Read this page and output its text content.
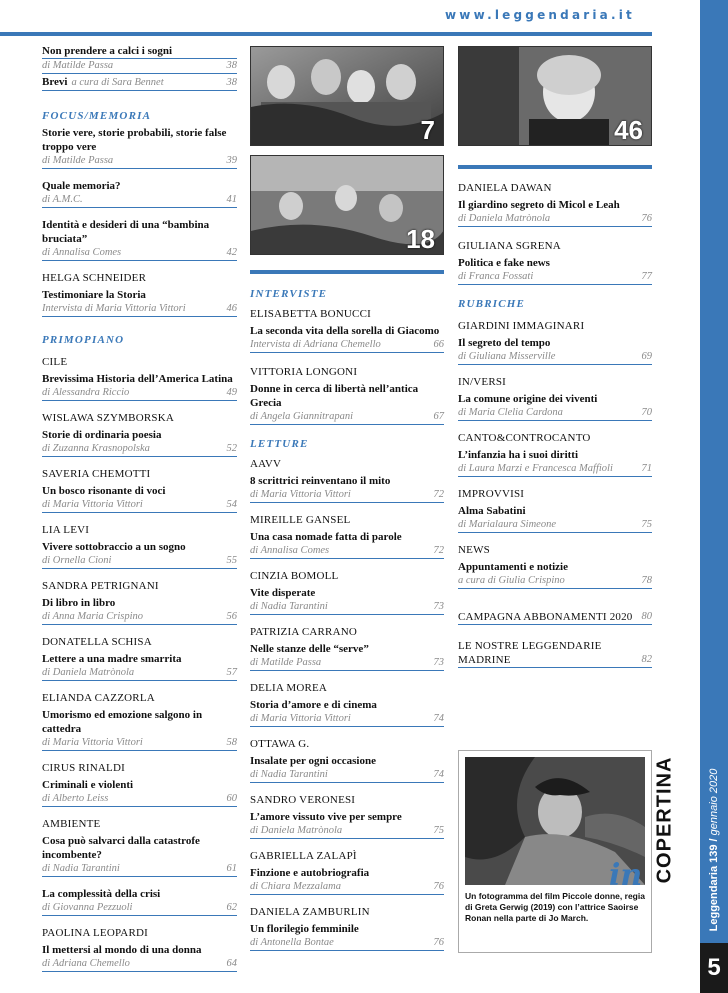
www.leggendaria.it
Non prendere a calci i sogni
di Matilde Passa	38
Brevi a cura di Sara Bennet	38
FOCUS/MEMORIA
Storie vere, storie probabili, storie false troppo vere
di Matilde Passa	39
Quale memoria?
di A.M.C.	41
Identità e desideri di una “bambina bruciata”
di Annalisa Comes	42
HELGA SCHNEIDER
Testimoniare la Storia
Intervista di Maria Vittoria Vittori	46
PRIMOPIANO
CILE
Brevissima Historia dell’America Latina
di Alessandra Riccio	49
WISLAWA SZYMBORSKA
Storie di ordinaria poesia
di Zuzanna Krasnopolska	52
SAVERIA CHEMOTTI
Un bosco risonante di voci
di Maria Vittoria Vittori	54
LIA LEVI
Vivere sottobraccio a un sogno
di Ornella Cioni	55
SANDRA PETRIGNANI
Di libro in libro
di Anna Maria Crispino	56
DONATELLA SCHISA
Lettere a una madre smarrita
di Daniela Matrònola	57
ELIANDA CAZZORLA
Umorismo ed emozione salgono in cattedra
di Maria Vittoria Vittori	58
CIRUS RINALDI
Criminali e violenti
di Alberto Leiss	60
AMBIENTE
Cosa può salvarci dalla catastrofe incombente?
di Nadia Tarantini	61
La complessità della crisi
di Giovanna Pezzuoli	62
PAOLINA LEOPARDI
Il mettersi al mondo di una donna
di Adriana Chemello	64
7
18
INTERVISTE
ELISABETTA BONUCCI
La seconda vita della sorella di Giacomo
Intervista di Adriana Chemello	66
VITTORIA LONGONI
Donne in cerca di libertà nell’antica Grecia
di Angela Giannitrapani	67
LETTURE
AAVV
8 scrittrici reinventano il mito
di Maria Vittoria Vittori	72
MIREILLE GANSEL
Una casa nomade fatta di parole
di Annalisa Comes	72
CINZIA BOMOLL
Vite disperate
di Nadia Tarantini	73
PATRIZIA CARRANO
Nelle stanze delle “serve”
di Matilde Passa	73
DELIA MOREA
Storia d’amore e di cinema
di Maria Vittoria Vittori	74
OTTAWA G.
Insalate per ogni occasione
di Nadia Tarantini	74
SANDRO VERONESI
L’amore vissuto vive per sempre
di Daniela Matrònola	75
GABRIELLA ZALAPÌ
Finzione e autobriografia
di Chiara Mezzalama	76
DANIELA ZAMBURLIN
Un florilegio femminile
di Antonella Bontae	76
46
DANIELA DAWAN
Il giardino segreto di Micol e Leah
di Daniela Matrònola	76
GIULIANA SGRENA
Politica e fake news
di Franca Fossati	77
RUBRICHE
GIARDINI IMMAGINARI
Il segreto del tempo
di Giuliana Misserville	69
IN/VERSI
La comune origine dei viventi
di Maria Clelia Cardona	70
CANTO&CONTROCANTO
L’infanzia ha i suoi diritti
di Laura Marzi e Francesca Maffioli	71
IMPROVVISI
Alma Sabatini
di Marialaura Simeone	75
NEWS
Appuntamenti e notizie
a cura di Giulia Crispino	78
CAMPAGNA ABBONAMENTI 2020 80
LE NOSTRE LEGGENDARIE MADRINE	82
in
Un fotogramma del film Piccole donne, regia di Greta Gerwig (2019) con l’attrice Saoirse Ronan nella parte di Jo March.
COPERTINA
Leggendaria 139 / gennaio 2020
5
